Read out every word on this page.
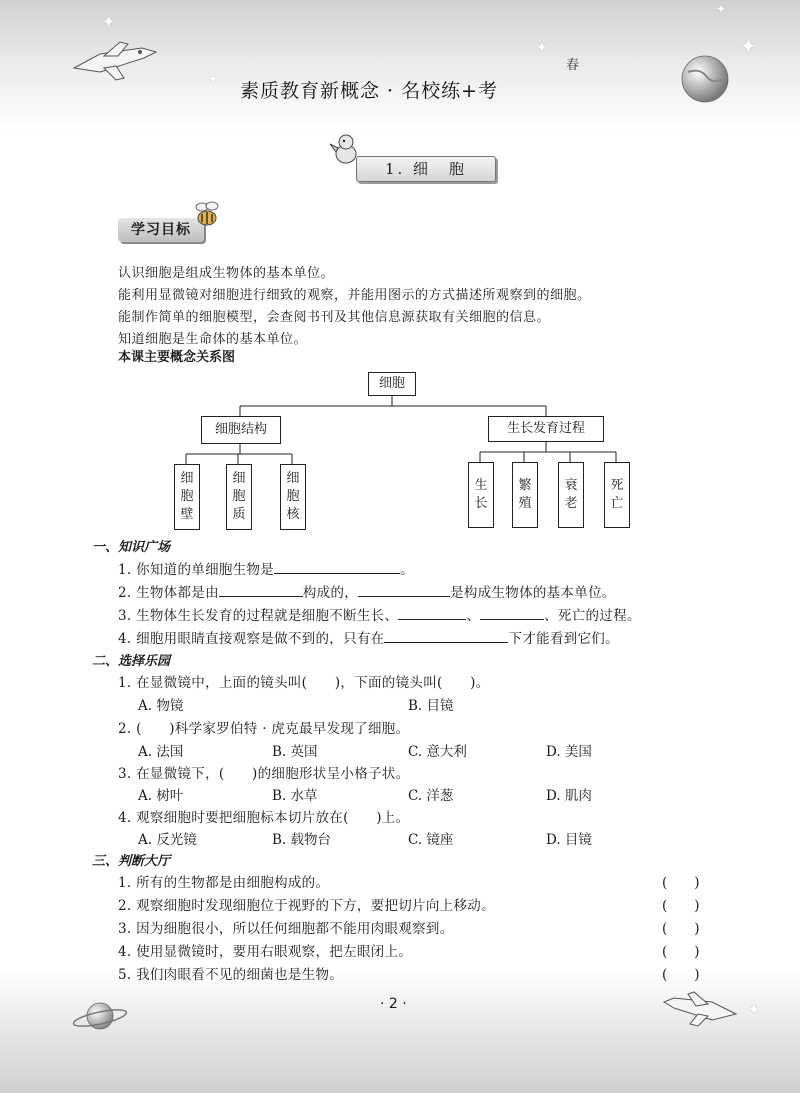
✦
✦
✦	✦
✦
素质教育新概念 · 名校练+考
春
1. 细　胞
学习目标
认识细胞是组成生物体的基本单位。
能利用显微镜对细胞进行细致的观察，并能用图示的方式描述所观察到的细胞。
能制作简单的细胞模型，会查阅书刊及其他信息源获取有关细胞的信息。
知道细胞是生命体的基本单位。
本课主要概念关系图
细胞
细胞结构	生长发育过程
细胞壁
细胞质
细胞核
生长
繁殖
衰老
死亡
一、知识广场
1. 你知道的单细胞生物是	。
2. 生物体都是由	构成的，	是构成生物体的基本单位。
3. 生物体生长发育的过程就是细胞不断生长、	、	、死亡的过程。
4. 细胞用眼睛直接观察是做不到的，只有在	下才能看到它们。
二、选择乐园
1. 在显微镜中，上面的镜头叫(　　)，下面的镜头叫(　　)。
A. 物镜	B. 目镜
2. (　　)科学家罗伯特 · 虎克最早发现了细胞。
A. 法国	B. 英国	C. 意大利	D. 美国
3. 在显微镜下，(　　)的细胞形状呈小格子状。
A. 树叶	B. 水草	C. 洋葱	D. 肌肉
4. 观察细胞时要把细胞标本切片放在(　　)上。
A. 反光镜	B. 载物台	C. 镜座	D. 目镜
三、判断大厅
1. 所有的生物都是由细胞构成的。	(　　)
2. 观察细胞时发现细胞位于视野的下方，要把切片向上移动。	(　　)
3. 因为细胞很小，所以任何细胞都不能用肉眼观察到。	(　　)
4. 使用显微镜时，要用右眼观察，把左眼闭上。	(　　)
5. 我们肉眼看不见的细菌也是生物。	(　　)
· 2 ·	✦
